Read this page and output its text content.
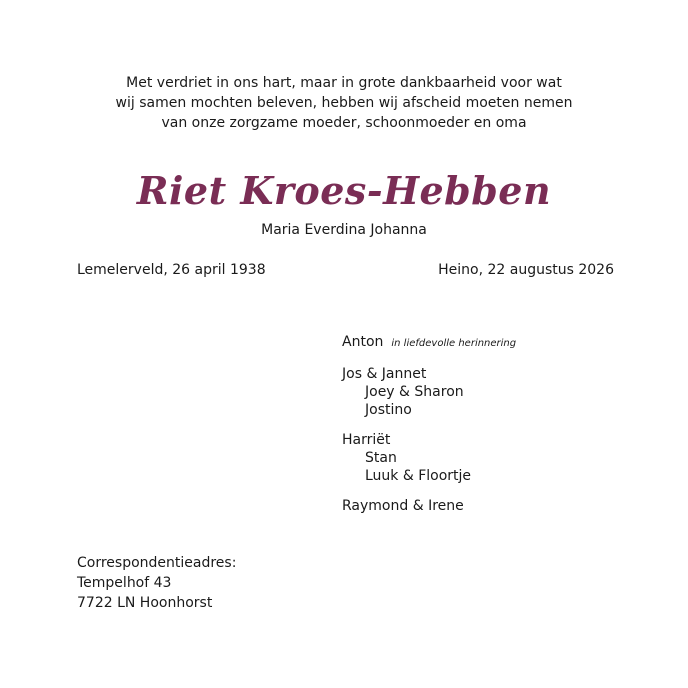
Met verdriet in ons hart, maar in grote dankbaarheid voor wat
wij samen mochten beleven, hebben wij afscheid moeten nemen
van onze zorgzame moeder, schoonmoeder en oma
Riet Kroes-Hebben
Maria Everdina Johanna
Lemelerveld, 26 april 1938	Heino, 22 augustus 2026
Anton in liefdevolle herinnering
Jos & Jannet
Joey & Sharon
Jostino
Harriët
Stan
Luuk & Floortje
Raymond & Irene
Correspondentieadres:
Tempelhof 43
7722 LN Hoonhorst
